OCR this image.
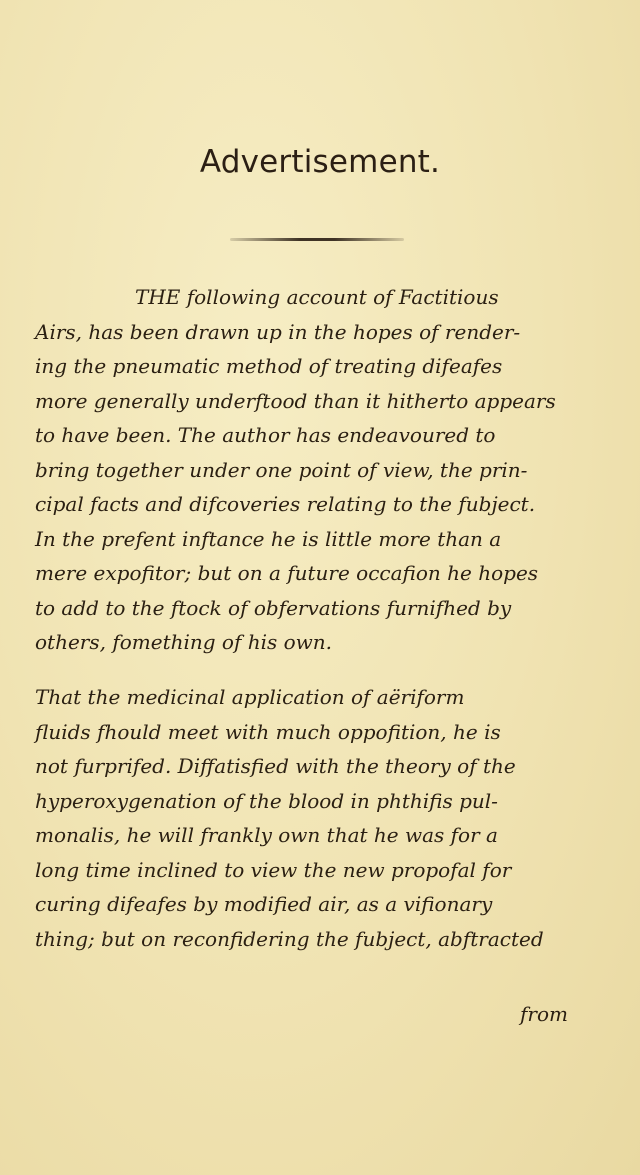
Advertisement.
THE following account of Factitious
Airs, has been drawn up in the hopes of render-
ing the pneumatic method of treating difeafes
more generally underftood than it hitherto appears
to have been. The author has endeavoured to
bring together under one point of view, the prin-
cipal facts and difcoveries relating to the fubject.
In the prefent inftance he is little more than a
mere expofitor; but on a future occafion he hopes
to add to the ftock of obfervations furnifhed by
others, fomething of his own.
That the medicinal application of aëriform
fluids fhould meet with much oppofition, he is
not furprifed. Diffatisfied with the theory of the
hyperoxygenation of the blood in phthifis pul-
monalis, he will frankly own that he was for a
long time inclined to view the new propofal for
curing difeafes by modified air, as a vifionary
thing; but on reconfidering the fubject, abftracted
from
